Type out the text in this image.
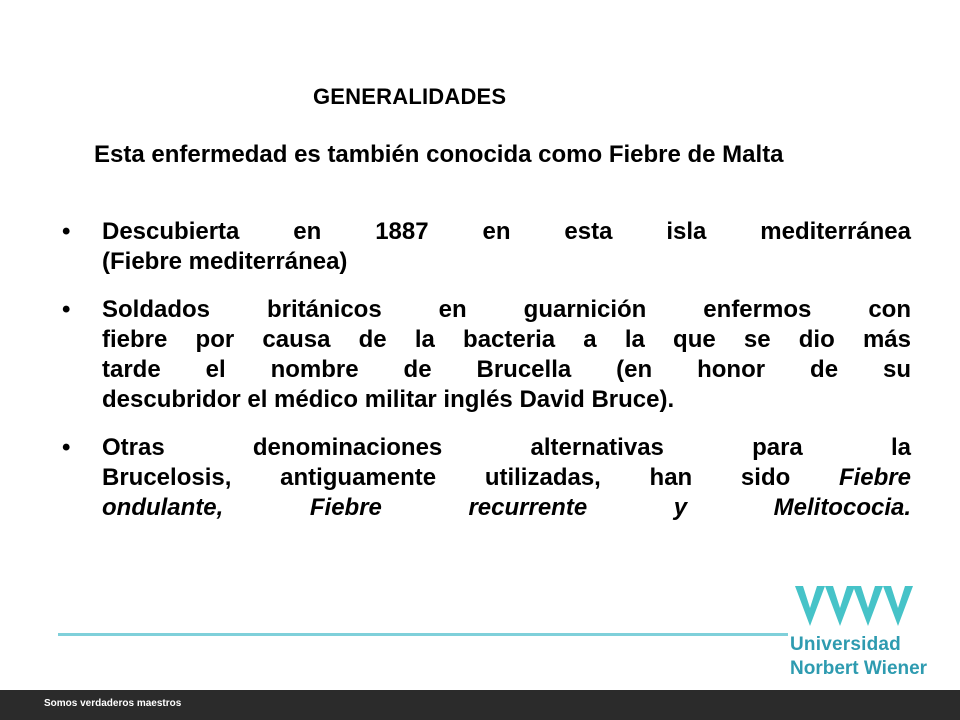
GENERALIDADES
Esta enfermedad es también conocida como Fiebre de Malta
•	Descubierta en 1887 en esta isla mediterránea
(Fiebre mediterránea)
•	Soldados británicos en guarnición enfermos con
fiebre por causa de la bacteria a la que se dio más
tarde el nombre de Brucella (en honor de su
descubridor el médico militar inglés David Bruce).
•	Otras denominaciones alternativas para la
Brucelosis, antiguamente utilizadas, han sido Fiebre
ondulante,	Fiebre	recurrente	y	Melitococia.
Universidad
Norbert Wiener
Somos verdaderos maestros
